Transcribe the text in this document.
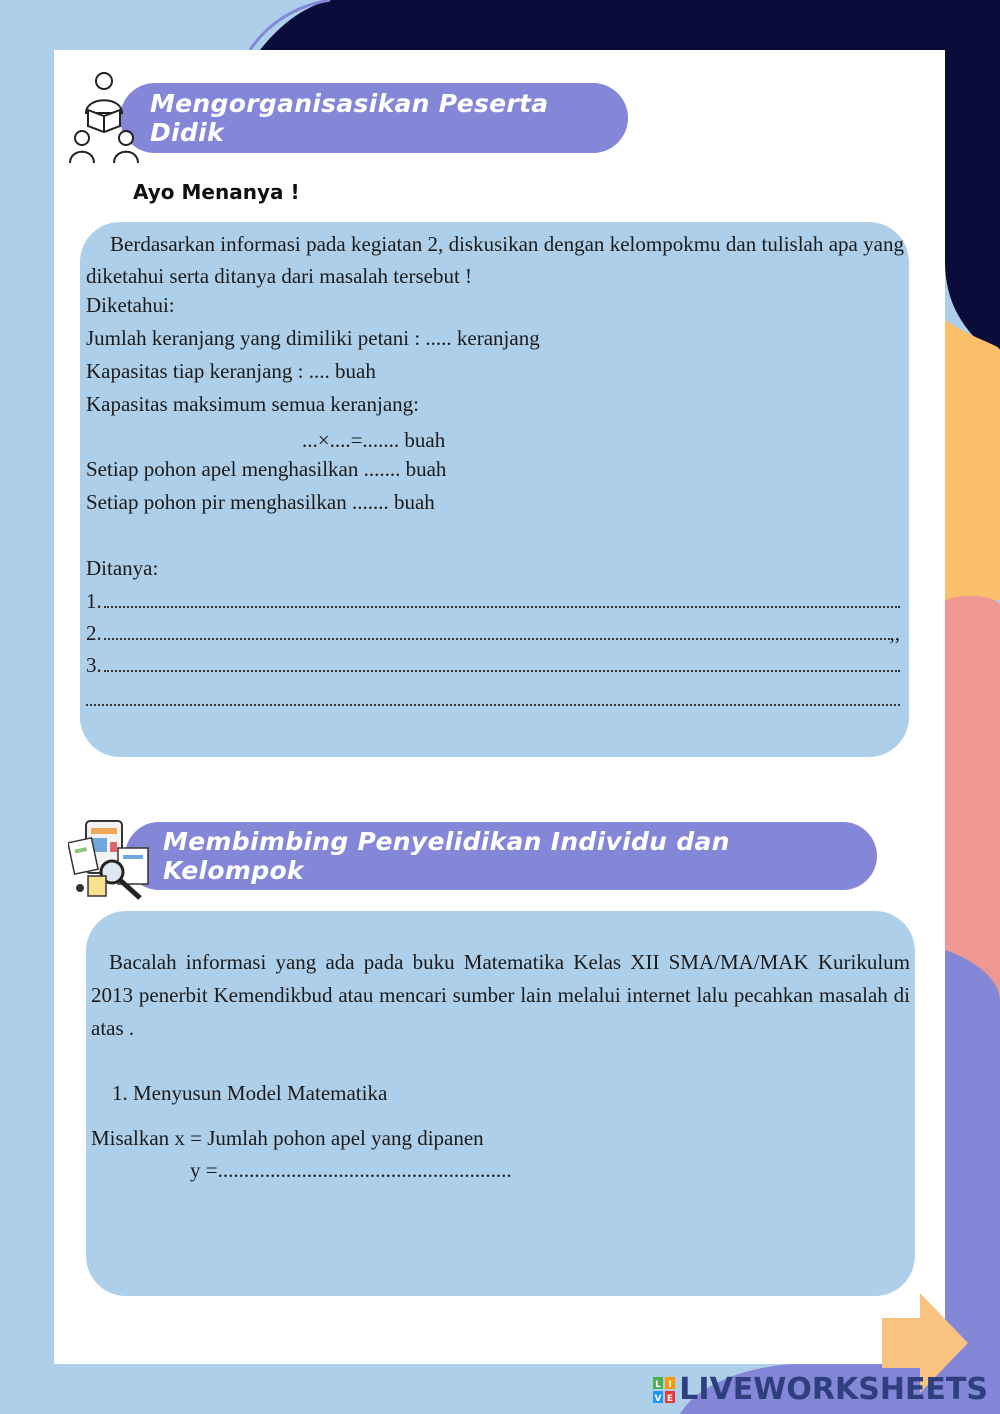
Mengorganisasikan Peserta Didik
Ayo Menanya !
Berdasarkan informasi pada kegiatan 2, diskusikan dengan kelompokmu dan tulislah apa yang diketahui serta ditanya dari masalah tersebut !
Diketahui:
Jumlah keranjang yang dimiliki petani : ..... keranjang
Kapasitas tiap keranjang : .... buah
Kapasitas maksimum semua keranjang:
...×....=....... buah
Setiap pohon apel menghasilkan ....... buah
Setiap pohon pir menghasilkan ....... buah
Ditanya:
1.
2.	,,
3.
Membimbing Penyelidikan Individu dan Kelompok
Bacalah informasi yang ada pada buku Matematika Kelas XII SMA/MA/MAK Kurikulum 2013 penerbit Kemendikbud atau mencari sumber lain melalui internet lalu pecahkan masalah di atas .
1. Menyusun Model Matematika
Misalkan x = Jumlah pohon apel yang dipanen
y =........................................................
L I
V E LIVEWORKSHEETS
